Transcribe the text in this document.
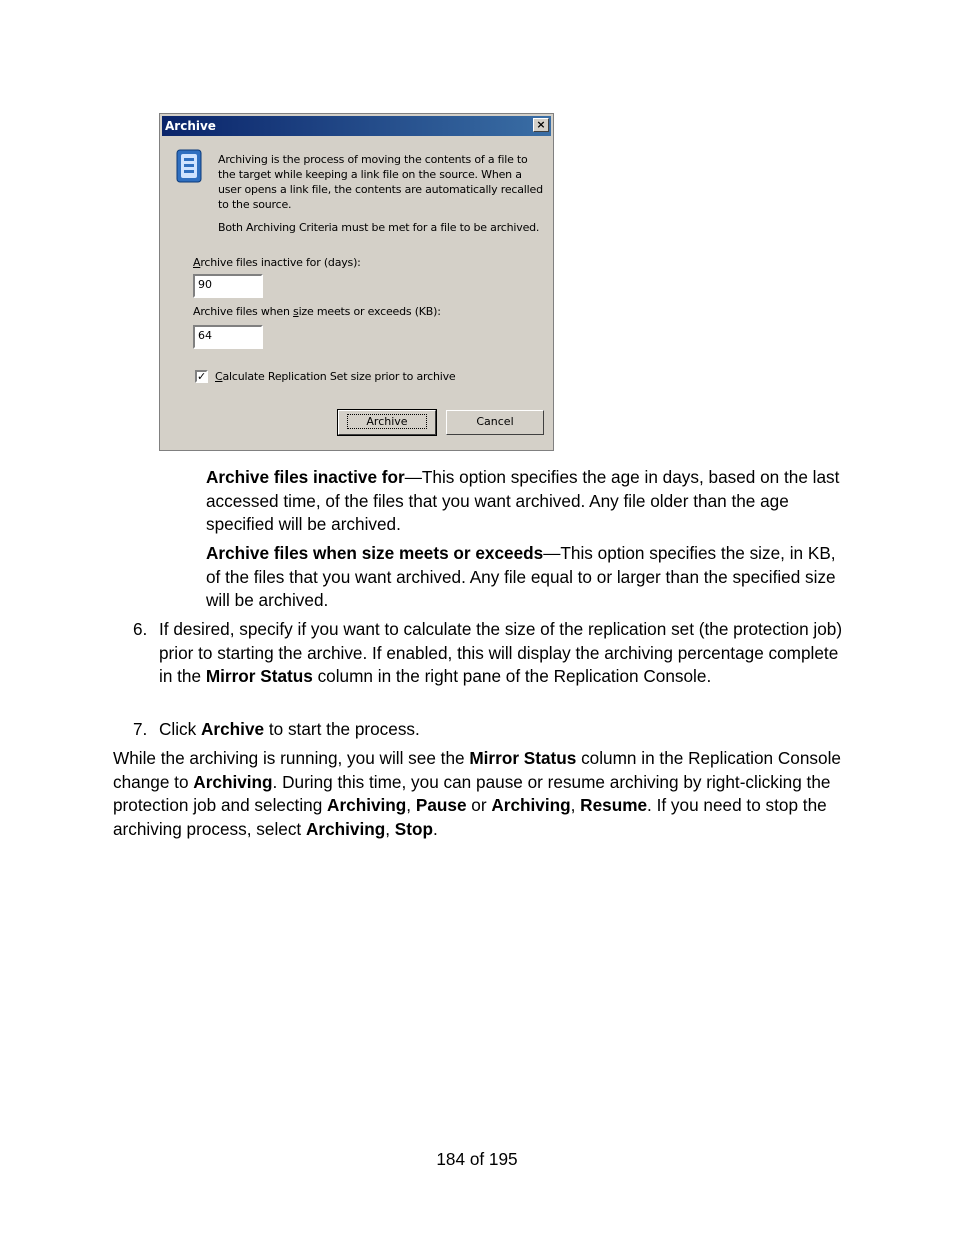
Archive	×
Archiving is the process of moving the contents of a file to the target while keeping a link file on the source. When a user opens a link file, the contents are automatically recalled to the source.
Both Archiving Criteria must be met for a file to be archived.
Archive files inactive for (days):
90
Archive files when size meets or exceeds (KB):
64
✓ Calculate Replication Set size prior to archive
Archive	Cancel
Archive files inactive for—This option specifies the age in days, based on the last accessed time, of the files that you want archived. Any file older than the age specified will be archived.
Archive files when size meets or exceeds—This option specifies the size, in KB, of the files that you want archived. Any file equal to or larger than the specified size will be archived.
6. If desired, specify if you want to calculate the size of the replication set (the protection job) prior to starting the archive. If enabled, this will display the archiving percentage complete in the Mirror Status column in the right pane of the Replication Console.
7. Click Archive to start the process.
While the archiving is running, you will see the Mirror Status column in the Replication Console change to Archiving. During this time, you can pause or resume archiving by right-clicking the protection job and selecting Archiving, Pause or Archiving, Resume. If you need to stop the archiving process, select Archiving, Stop.
184 of 195
